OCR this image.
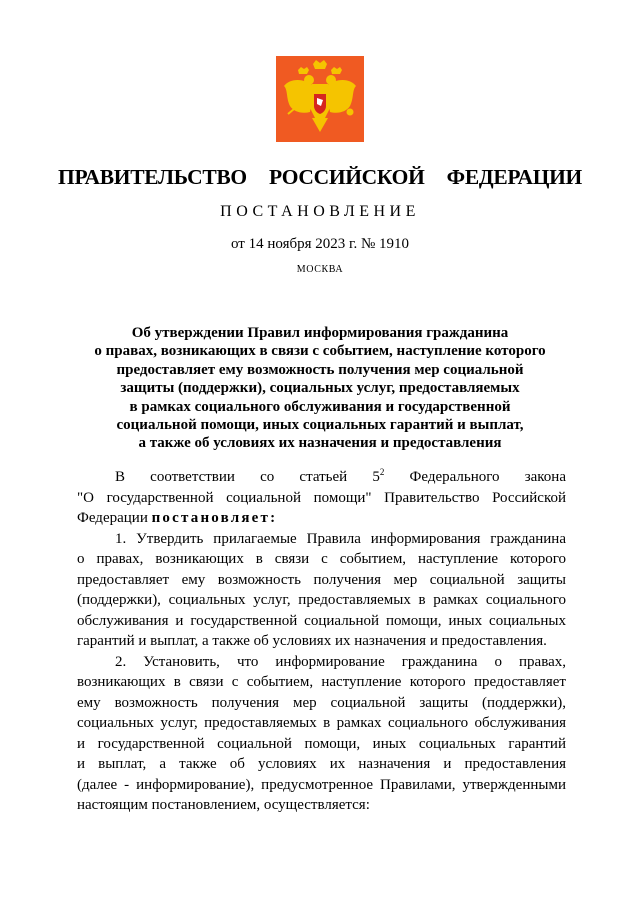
ПРАВИТЕЛЬСТВО  РОССИЙСКОЙ  ФЕДЕРАЦИИ
ПОСТАНОВЛЕНИЕ
от 14 ноября 2023 г. № 1910
МОСКВА
Об утверждении Правил информирования гражданина
о правах, возникающих в связи с событием, наступление которого
предоставляет ему возможность получения мер социальной
защиты (поддержки), социальных услуг, предоставляемых
в рамках социального обслуживания и государственной
социальной помощи, иных социальных гарантий и выплат,
а также об условиях их назначения и предоставления

В соответствии со статьей $5^2$ Федерального закона
"О государственной социальной помощи" Правительство Российской
Федерации постановляет:

1. Утвердить прилагаемые Правила информирования гражданина
о правах, возникающих в связи с событием, наступление которого
предоставляет ему возможность получения мер социальной защиты
(поддержки), социальных услуг, предоставляемых в рамках социального
обслуживания и государственной социальной помощи, иных социальных
гарантий и выплат, а также об условиях их назначения и предоставления.

2. Установить, что информирование гражданина о правах,
возникающих в связи с событием, наступление которого предоставляет
ему возможность получения мер социальной защиты (поддержки),
социальных услуг, предоставляемых в рамках социального обслуживания
и государственной социальной помощи, иных социальных гарантий
и выплат, а также об условиях их назначения и предоставления
(далее - информирование), предусмотренное Правилами, утвержденными
настоящим постановлением, осуществляется:
